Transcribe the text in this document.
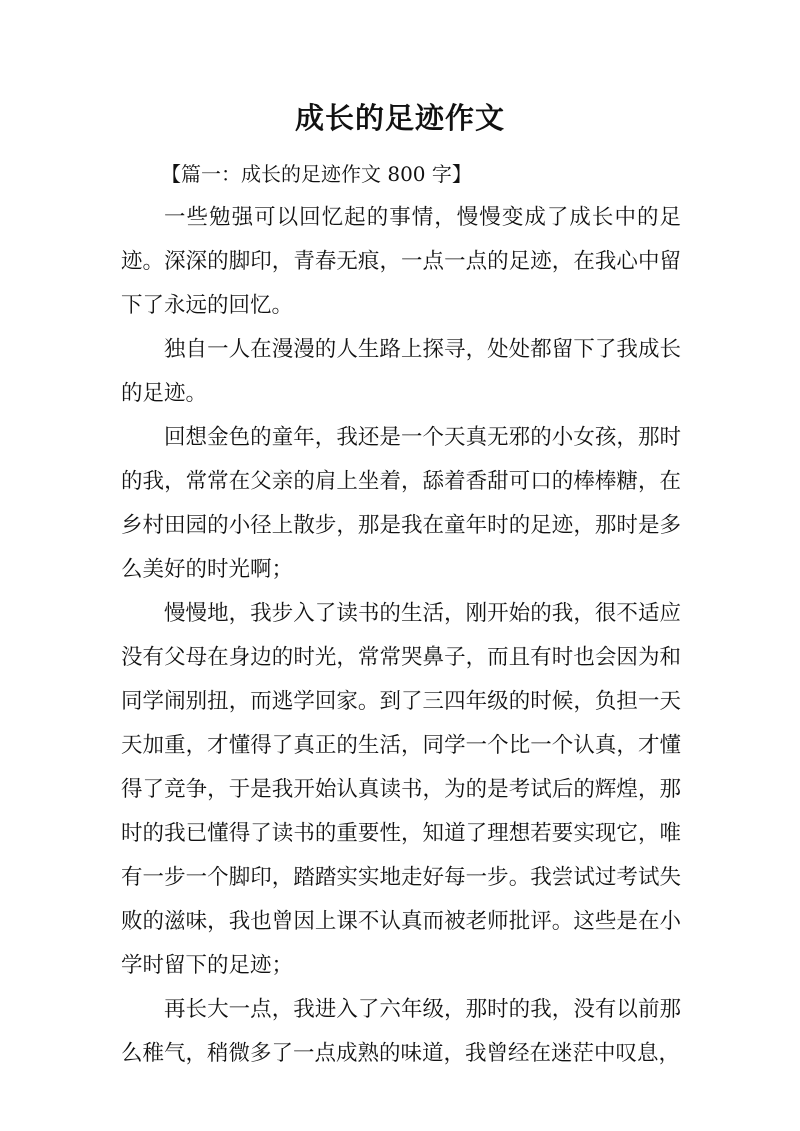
成长的足迹作文

【篇一：成长的足迹作文 800 字】

一些勉强可以回忆起的事情，慢慢变成了成长中的足迹。深深的脚印，青春无痕，一点一点的足迹，在我心中留下了永远的回忆。

独自一人在漫漫的人生路上探寻，处处都留下了我成长的足迹。

回想金色的童年，我还是一个天真无邪的小女孩，那时的我，常常在父亲的肩上坐着，舔着香甜可口的棒棒糖，在乡村田园的小径上散步，那是我在童年时的足迹，那时是多么美好的时光啊；

慢慢地，我步入了读书的生活，刚开始的我，很不适应没有父母在身边的时光，常常哭鼻子，而且有时也会因为和同学闹别扭，而逃学回家。到了三四年级的时候，负担一天天加重，才懂得了真正的生活，同学一个比一个认真，才懂得了竞争，于是我开始认真读书，为的是考试后的辉煌，那时的我已懂得了读书的重要性，知道了理想若要实现它，唯有一步一个脚印，踏踏实实地走好每一步。我尝试过考试失败的滋味，我也曾因上课不认真而被老师批评。这些是在小学时留下的足迹；

再长大一点，我进入了六年级，那时的我，没有以前那么稚气，稍微多了一点成熟的味道，我曾经在迷茫中叹息，
